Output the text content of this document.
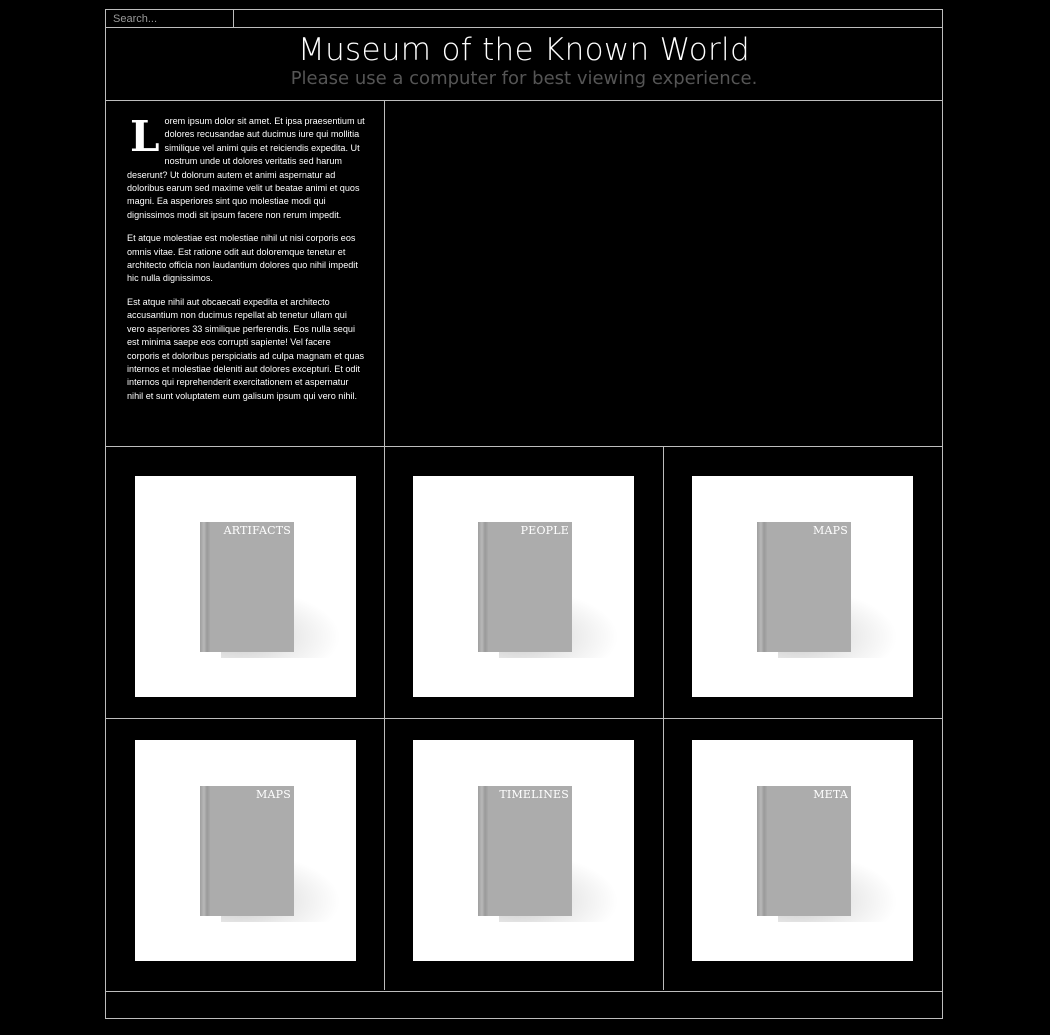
Search...
Museum of the Known World

Please use a computer for best viewing experience.

Lorem ipsum dolor sit amet. Et ipsa praesentium ut dolores recusandae aut ducimus iure qui mollitia similique vel animi quis et reiciendis expedita. Ut nostrum unde ut dolores veritatis sed harum deserunt? Ut dolorum autem et animi aspernatur ad doloribus earum sed maxime velit ut beatae animi et quos magni. Ea asperiores sint quo molestiae modi qui dignissimos modi sit ipsum facere non rerum impedit.

Et atque molestiae est molestiae nihil ut nisi corporis eos omnis vitae. Est ratione odit aut doloremque tenetur et architecto officia non laudantium dolores quo nihil impedit hic nulla dignissimos.

Est atque nihil aut obcaecati expedita et architecto accusantium non ducimus repellat ab tenetur ullam qui vero asperiores 33 similique perferendis. Eos nulla sequi est minima saepe eos corrupti sapiente! Vel facere corporis et doloribus perspiciatis ad culpa magnam et quas internos et molestiae deleniti aut dolores excepturi. Et odit internos qui reprehenderit exercitationem et aspernatur nihil et sunt voluptatem eum galisum ipsum qui vero nihil.

ARTIFACTS	PEOPLE	MAPS
MAPS	TIMELINES	META
